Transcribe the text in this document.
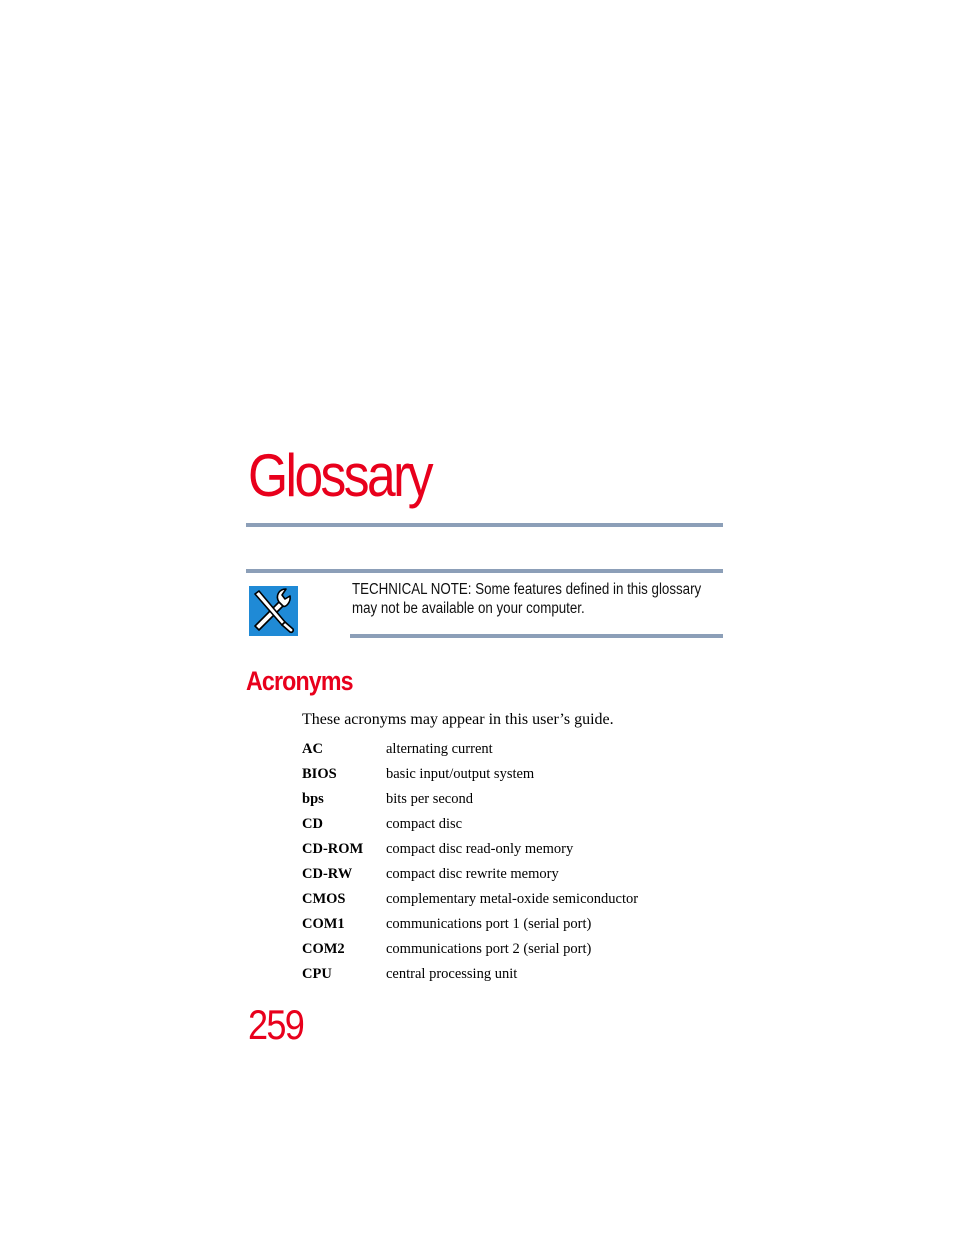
Glossary
TECHNICAL NOTE: Some features defined in this glossary
may not be available on your computer.
Acronyms

These acronyms may appear in this user’s guide.

AC	alternating current
BIOS	basic input/output system
bps	bits per second
CD	compact disc
CD-ROM	compact disc read-only memory
CD-RW	compact disc rewrite memory
CMOS	complementary metal-oxide semiconductor
COM1	communications port 1 (serial port)
COM2	communications port 2 (serial port)
CPU	central processing unit
259
